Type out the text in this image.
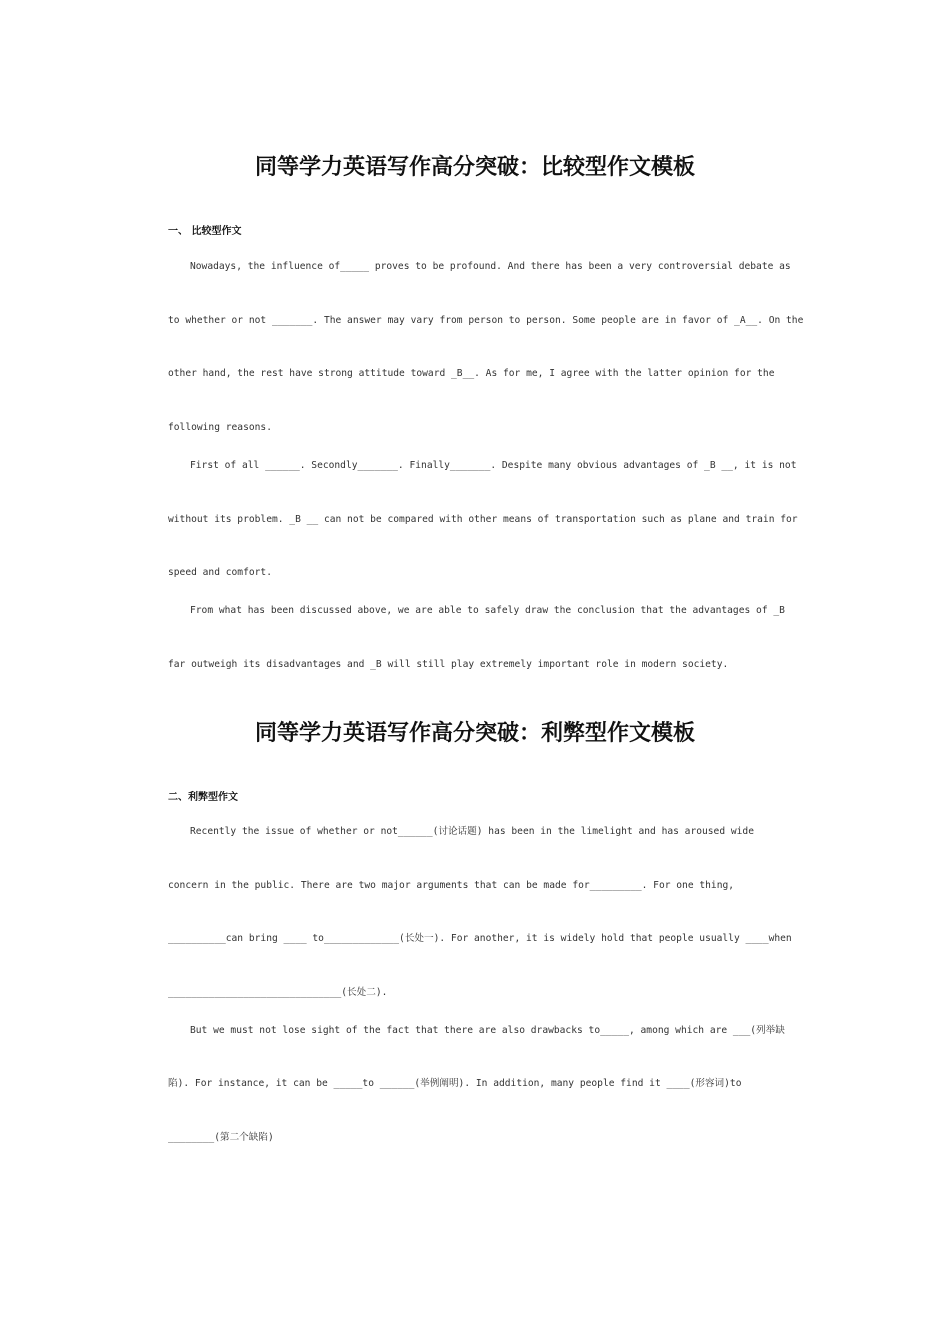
同等学力英语写作高分突破：比较型作文模板

一、 比较型作文

Nowadays, the influence of_____ proves to be profound. And there has been a very controversial debate as

to whether or not _______. The answer may vary from person to person. Some people are in favor of _A__. On the

other hand, the rest have strong attitude toward _B__. As for me, I agree with the latter opinion for the

following reasons.

First of all ______. Secondly_______. Finally_______. Despite many obvious advantages of _B __, it is not

without its problem. _B __ can not be compared with other means of transportation such as plane and train for

speed and comfort.

From what has been discussed above, we are able to safely draw the conclusion that the advantages of _B

far outweigh its disadvantages and _B will still play extremely important role in modern society.

同等学力英语写作高分突破：利弊型作文模板

二、利弊型作文

Recently the issue of whether or not______(讨论话题) has been in the limelight and has aroused wide

concern in the public. There are two major arguments that can be made for_________. For one thing,

__________can bring ____ to_____________(长处一). For another, it is widely hold that people usually ____when

______________________________(长处二).

But we must not lose sight of the fact that there are also drawbacks to_____, among which are ___(列举缺

陷). For instance, it can be _____to ______(举例阐明). In addition, many people find it ____(形容词)to

________(第二个缺陷)
